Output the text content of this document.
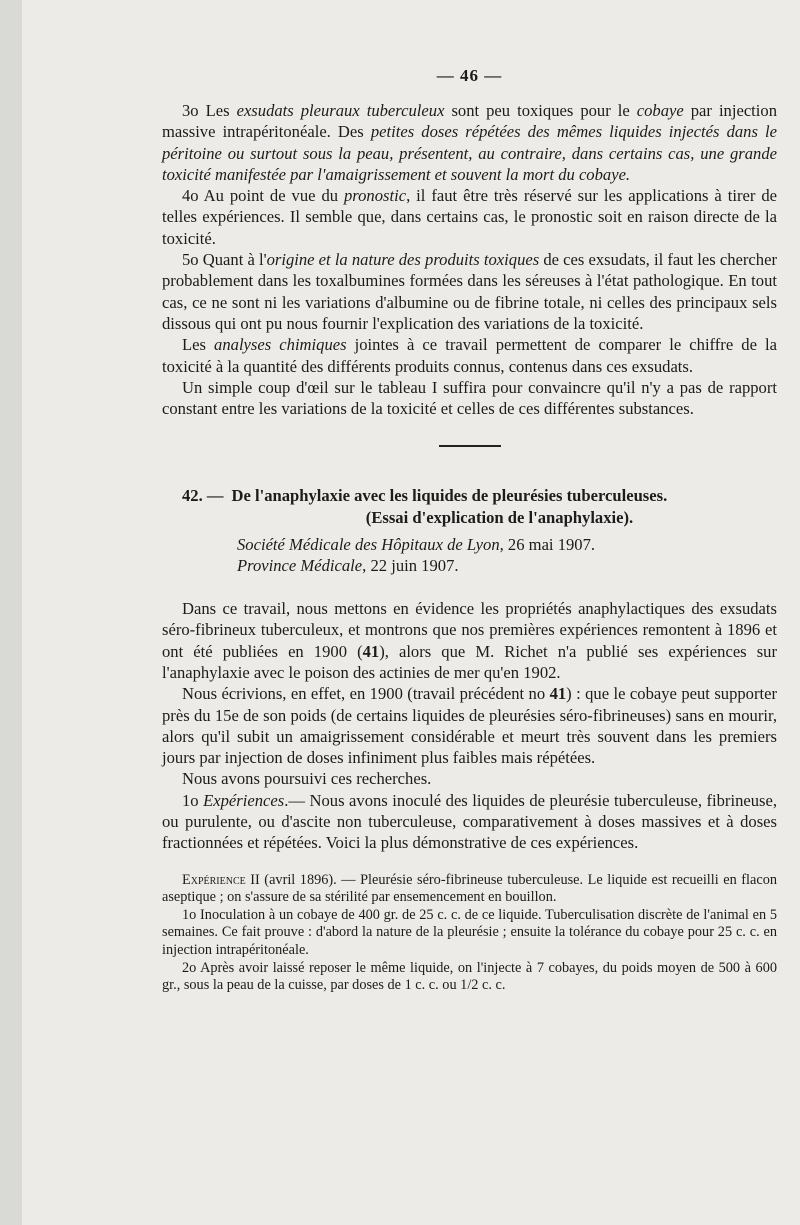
— 46 —

3o Les exsudats pleuraux tuberculeux sont peu toxiques pour le cobaye par injection massive intrapéritonéale. Des petites doses répétées des mêmes liquides injectés dans le péritoine ou surtout sous la peau, présentent, au contraire, dans certains cas, une grande toxicité manifestée par l'amaigrissement et souvent la mort du cobaye.

4o Au point de vue du pronostic, il faut être très réservé sur les applications à tirer de telles expériences. Il semble que, dans certains cas, le pronostic soit en raison directe de la toxicité.

5o Quant à l'origine et la nature des produits toxiques de ces exsudats, il faut les chercher probablement dans les toxalbumines formées dans les séreuses à l'état pathologique. En tout cas, ce ne sont ni les variations d'albumine ou de fibrine totale, ni celles des principaux sels dissous qui ont pu nous fournir l'explication des variations de la toxicité.

Les analyses chimiques jointes à ce travail permettent de comparer le chiffre de la toxicité à la quantité des différents produits connus, contenus dans ces exsudats.

Un simple coup d'œil sur le tableau I suffira pour convaincre qu'il n'y a pas de rapport constant entre les variations de la toxicité et celles de ces différentes substances.

42. — De l'anaphylaxie avec les liquides de pleurésies tuberculeuses.
(Essai d'explication de l'anaphylaxie).
Société Médicale des Hôpitaux de Lyon, 26 mai 1907.
Province Médicale, 22 juin 1907.

Dans ce travail, nous mettons en évidence les propriétés anaphylactiques des exsudats séro-fibrineux tuberculeux, et montrons que nos premières expériences remontent à 1896 et ont été publiées en 1900 (41), alors que M. Richet n'a publié ses expériences sur l'anaphylaxie avec le poison des actinies de mer qu'en 1902.

Nous écrivions, en effet, en 1900 (travail précédent no 41) : que le cobaye peut supporter près du 15e de son poids (de certains liquides de pleurésies séro-fibrineuses) sans en mourir, alors qu'il subit un amaigrissement considérable et meurt très souvent dans les premiers jours par injection de doses infiniment plus faibles mais répétées.

Nous avons poursuivi ces recherches.

1o Expériences.— Nous avons inoculé des liquides de pleurésie tuberculeuse, fibrineuse, ou purulente, ou d'ascite non tuberculeuse, comparativement à doses massives et à doses fractionnées et répétées. Voici la plus démonstrative de ces expériences.

Expérience II (avril 1896). — Pleurésie séro-fibrineuse tuberculeuse. Le liquide est recueilli en flacon aseptique ; on s'assure de sa stérilité par ensemencement en bouillon.

1o Inoculation à un cobaye de 400 gr. de 25 c. c. de ce liquide. Tuberculisation discrète de l'animal en 5 semaines. Ce fait prouve : d'abord la nature de la pleurésie ; ensuite la tolérance du cobaye pour 25 c. c. en injection intrapéritonéale.

2o Après avoir laissé reposer le même liquide, on l'injecte à 7 cobayes, du poids moyen de 500 à 600 gr., sous la peau de la cuisse, par doses de 1 c. c. ou 1/2 c. c.
